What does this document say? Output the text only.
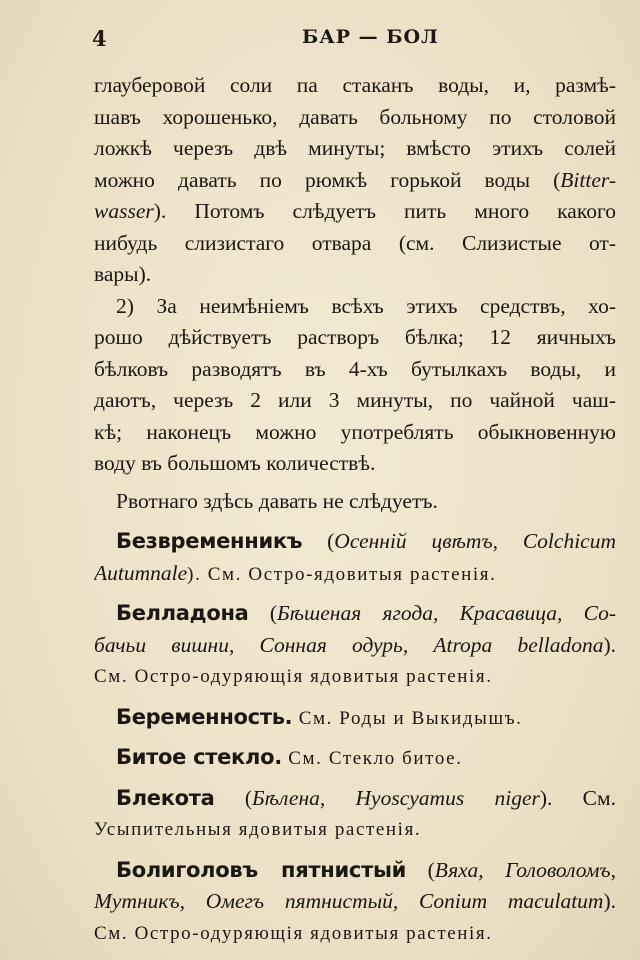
4	БАР — БОЛ
глауберовой соли па стаканъ воды, и, размѣ-
шавъ хорошенько, давать больному по столовой
ложкѣ черезъ двѣ минуты; вмѣсто этихъ солей
можно давать по рюмкѣ горькой воды (Bitter-
wasser). Потомъ слѣдуетъ пить много какого
нибудь слизистаго отвара (см. Слизистые от-
вары).
2) За неимѣніемъ всѣхъ этихъ средствъ, хо-
рошо дѣйствуетъ растворъ бѣлка; 12 яичныхъ
бѣлковъ разводятъ въ 4-хъ бутылкахъ воды, и
даютъ, черезъ 2 или 3 минуты, по чайной чаш-
кѣ; наконецъ можно употреблять обыкновенную
воду въ большомъ количествѣ.
Рвотнаго здѣсь давать не слѣдуетъ.
Безвременникъ (Осенній цвѣтъ, Colchicum
Autumnale). См. Остро-ядовитыя растенія.
Белладона (Бѣшеная ягода, Красавица, Со-
бачьи вишни, Сонная одурь, Atropa belladona).
См. Остро-одуряющія ядовитыя растенія.
Беременность. См. Роды и Выкидышъ.
Битое стекло. См. Стекло битое.
Блекота (Бѣлена, Hyoscyamus niger). См.
Усыпительныя ядовитыя растенія.
Болиголовъ пятнистый (Вяха, Головоломъ,
Мутникъ, Омегъ пятнистый, Conium maculatum).
См. Остро-одуряющія ядовитыя растенія.
